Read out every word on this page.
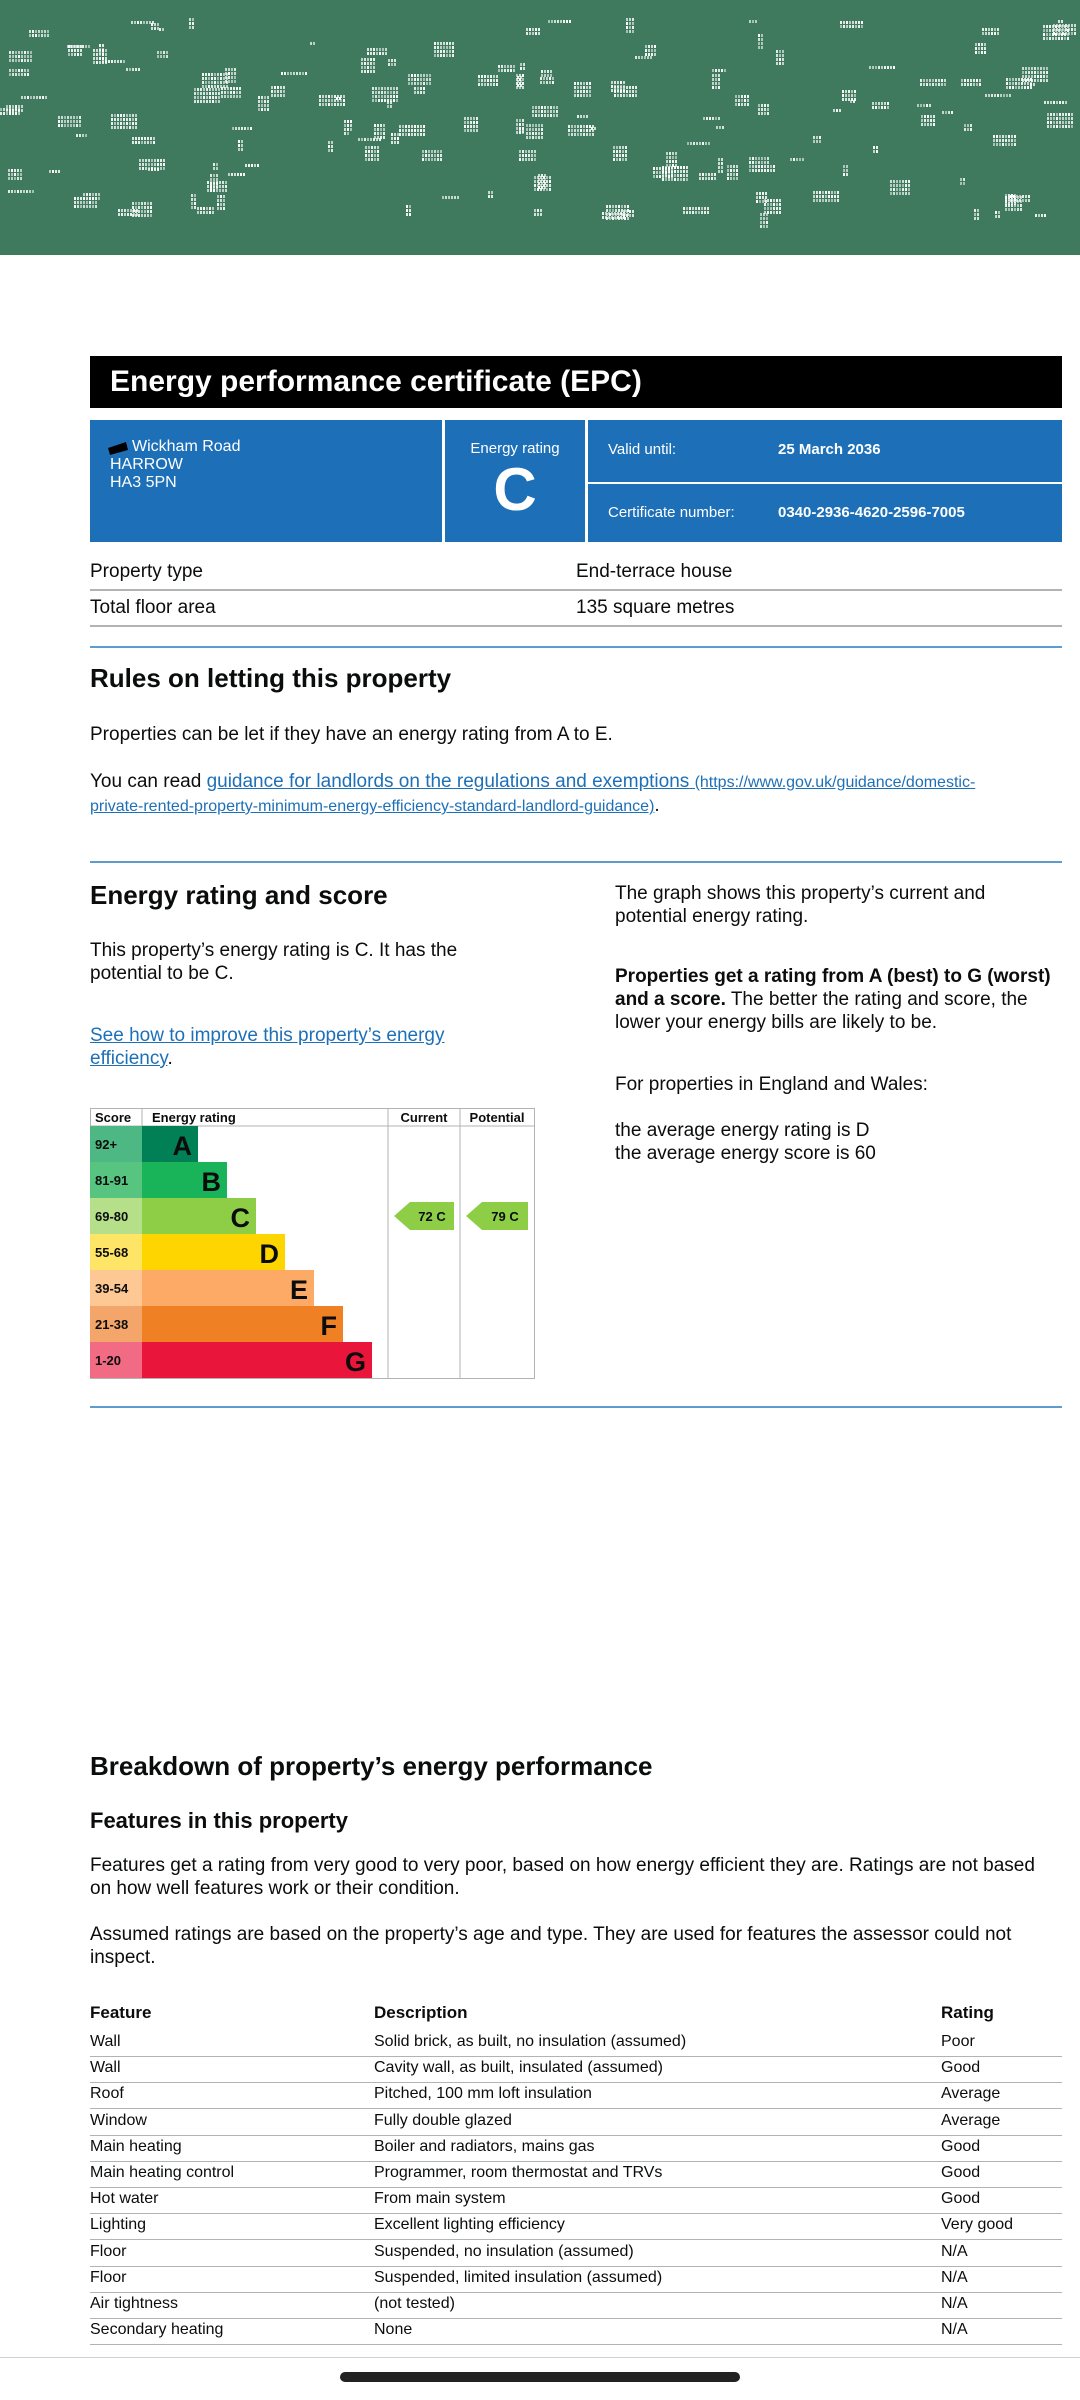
Energy performance certificate (EPC)
Wickham Road
HARROW
HA3 5PN
Energy rating
C
Valid until:	25 March 2036
Certificate number:	0340-2936-4620-2596-7005
Property type	End-terrace house
Total floor area	135 square metres
Rules on letting this property
Properties can be let if they have an energy rating from A to E.
You can read guidance for landlords on the regulations and exemptions (https://www.gov.uk/guidance/domestic-
private-rented-property-minimum-energy-efficiency-standard-landlord-guidance).
Energy rating and score
This property’s energy rating is C. It has the
potential to be C.
See how to improve this property’s energy
efficiency.
The graph shows this property’s current and
potential energy rating.
Properties get a rating from A (best) to G (worst)
and a score. The better the rating and score, the
lower your energy bills are likely to be.
For properties in England and Wales:
the average energy rating is D
the average energy score is 60
Score Energy rating	Current Potential
92+ A
81-91	B
69-80	C
55-68	D
39-54	E
21-38	F
1-20	G
72 C	79 C
Breakdown of property’s energy performance
Features in this property
Features get a rating from very good to very poor, based on how energy efficient they are. Ratings are not based
on how well features work or their condition.
Assumed ratings are based on the property’s age and type. They are used for features the assessor could not
inspect.
Feature	Description	Rating
Wall	Solid brick, as built, no insulation (assumed)	Poor
Wall	Cavity wall, as built, insulated (assumed)	Good
Roof	Pitched, 100 mm loft insulation	Average
Window	Fully double glazed	Average
Main heating	Boiler and radiators, mains gas	Good
Main heating control	Programmer, room thermostat and TRVs	Good
Hot water	From main system	Good
Lighting	Excellent lighting efficiency	Very good
Floor	Suspended, no insulation (assumed)	N/A
Floor	Suspended, limited insulation (assumed)	N/A
Air tightness	(not tested)	N/A
Secondary heating	None	N/A
